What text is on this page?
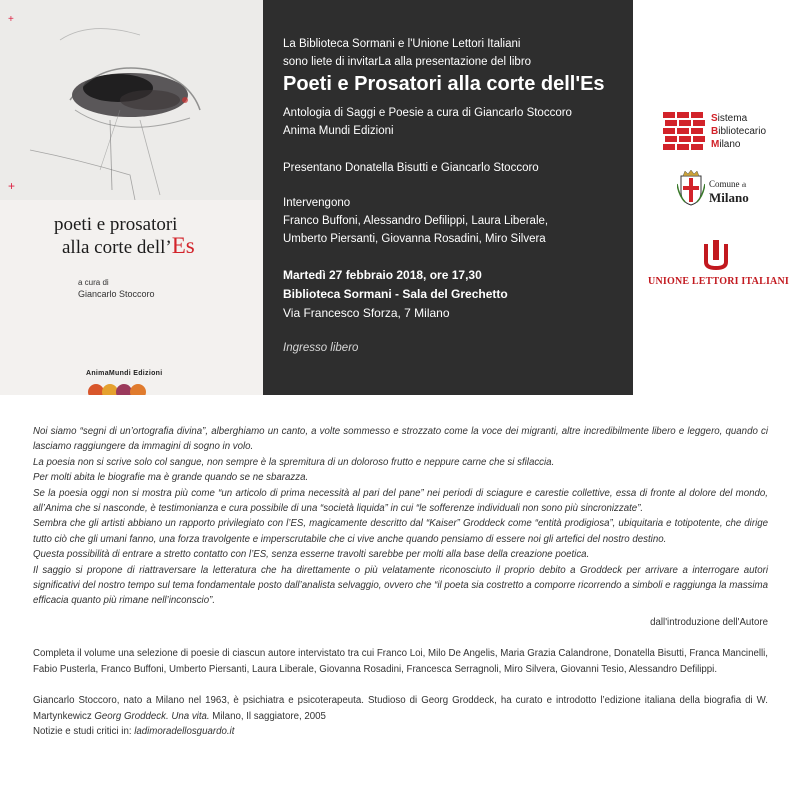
+
+
poeti e prosatori
alla corte dell’Es
a cura di
Giancarlo Stoccoro
AnimaMundi Edizioni
La Biblioteca Sormani e l'Unione Lettori Italiani
sono liete di invitarLa alla presentazione del libro
Poeti e Prosatori alla corte dell'Es
Antologia di Saggi e Poesie a cura di Giancarlo Stoccoro
Anima Mundi Edizioni
Presentano Donatella Bisutti e Giancarlo Stoccoro
Intervengono
Franco Buffoni, Alessandro Defilippi, Laura Liberale,
Umberto Piersanti, Giovanna Rosadini, Miro Silvera
Martedì 27 febbraio 2018, ore 17,30
Biblioteca Sormani - Sala del Grechetto
Via Francesco Sforza, 7 Milano
Ingresso libero
Sistema
Bibliotecario
Milano
Comune di
Milano
UNIONE LETTORI ITALIANI
Noi siamo “segni di un’ortografia divina”, alberghiamo un canto, a volte sommesso e strozzato come la voce dei migranti, altre incredibilmente libero e leggero, quando ci lasciamo raggiungere da immagini di sogno in volo.
La poesia non si scrive solo col sangue, non sempre è la spremitura di un doloroso frutto e neppure carne che si sfilaccia.
Per molti abita le biografie ma è grande quando se ne sbarazza.
Se la poesia oggi non si mostra più come “un articolo di prima necessità al pari del pane” nei periodi di sciagure e carestie collettive, essa di fronte al dolore del mondo, all’Anima che si nasconde, è testimonianza e cura possibile di una “società liquida” in cui “le sofferenze individuali non sono più sincronizzate”.
Sembra che gli artisti abbiano un rapporto privilegiato con l’ES, magicamente descritto dal “Kaiser” Groddeck come “entità prodigiosa”, ubiquitaria e totipotente, che dirige tutto ciò che gli umani fanno, una forza travolgente e imperscrutabile che ci vive anche quando pensiamo di essere noi gli artefici del nostro destino.
Questa possibilità di entrare a stretto contatto con l’ES, senza esserne travolti sarebbe per molti alla base della creazione poetica.
Il saggio si propone di riattraversare la letteratura che ha direttamente o più velatamente riconosciuto il proprio debito a Groddeck per arrivare a interrogare autori significativi del nostro tempo sul tema fondamentale posto dall’analista selvaggio, ovvero che “il poeta sia costretto a comporre ricorrendo a simboli e raggiunga la massima efficacia quanto più rimane nell’inconscio”.

dall'introduzione dell'Autore

Completa il volume una selezione di poesie di ciascun autore intervistato tra cui Franco Loi, Milo De Angelis, Maria Grazia Calandrone, Donatella Bisutti, Franca Mancinelli, Fabio Pusterla, Franco Buffoni, Umberto Piersanti, Laura Liberale, Giovanna Rosadini, Francesca Serragnoli, Miro Silvera, Giovanni Tesio, Alessandro Defilippi.

Giancarlo Stoccoro, nato a Milano nel 1963, è psichiatra e psicoterapeuta. Studioso di Georg Groddeck, ha curato e introdotto l’edizione italiana della biografia di W. Martynkewicz Georg Groddeck. Una vita. Milano, Il saggiatore, 2005

Notizie e studi critici in: ladimoradellosguardo.it
